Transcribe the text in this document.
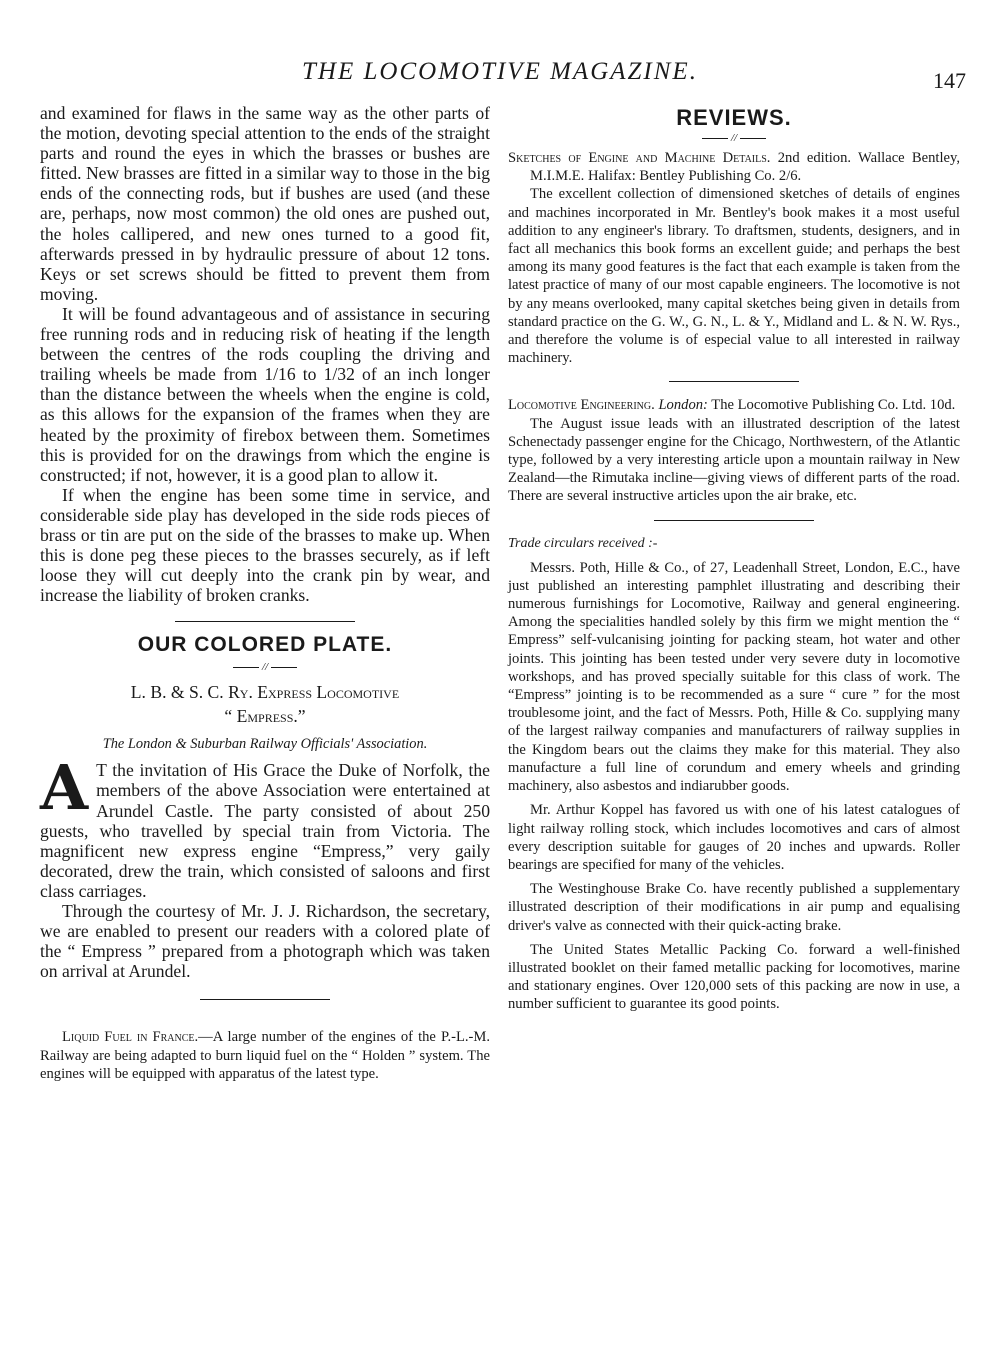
THE LOCOMOTIVE MAGAZINE.	147

and examined for flaws in the same way as the other parts of the motion, devoting special attention to the ends of the straight parts and round the eyes in which the brasses or bushes are fitted. New brasses are fitted in a similar way to those in the big ends of the connecting rods, but if bushes are used (and these are, perhaps, now most common) the old ones are pushed out, the holes callipered, and new ones turned to a good fit, afterwards pressed in by hydraulic pressure of about 12 tons. Keys or set screws should be fitted to prevent them from moving.

It will be found advantageous and of assistance in securing free running rods and in reducing risk of heating if the length between the centres of the rods coupling the driving and trailing wheels be made from 1/16 to 1/32 of an inch longer than the distance between the wheels when the engine is cold, as this allows for the expansion of the frames when they are heated by the proximity of firebox between them. Sometimes this is provided for on the drawings from which the engine is constructed; if not, however, it is a good plan to allow it.

If when the engine has been some time in service, and considerable side play has developed in the side rods pieces of brass or tin are put on the side of the brasses to make up. When this is done peg these pieces to the brasses securely, as if left loose they will cut deeply into the crank pin by wear, and increase the liability of broken cranks.

OUR COLORED PLATE.
//
L. B. & S. C. Ry. Express Locomotive
“ Empress.”
The London & Suburban Railway Officials' Association.

A T the invitation of His Grace the Duke of Norfolk, the members of the above Association were entertained at Arundel Castle. The party consisted of about 250 guests, who travelled by special train from Victoria. The magnificent new express engine “Empress,” very gaily decorated, drew the train, which consisted of saloons and first class carriages.

Through the courtesy of Mr. J. J. Richardson, the secretary, we are enabled to present our readers with a colored plate of the “ Empress ” prepared from a photograph which was taken on arrival at Arundel.

Liquid Fuel in France.—A large number of the engines of the P.-L.-M. Railway are being adapted to burn liquid fuel on the “ Holden ” system. The engines will be equipped with apparatus of the latest type.

REVIEWS.
//

Sketches of Engine and Machine Details. 2nd edition. Wallace Bentley, M.I.M.E. Halifax: Bentley Publishing Co. 2/6.

The excellent collection of dimensioned sketches of details of engines and machines incorporated in Mr. Bentley's book makes it a most useful addition to any engineer's library. To draftsmen, students, designers, and in fact all mechanics this book forms an excellent guide; and perhaps the best among its many good features is the fact that each example is taken from the latest practice of many of our most capable engineers. The locomotive is not by any means overlooked, many capital sketches being given in details from standard practice on the G. W., G. N., L. & Y., Midland and L. & N. W. Rys., and therefore the volume is of especial value to all interested in railway machinery.

Locomotive Engineering. London: The Locomotive Publishing Co. Ltd. 10d.

The August issue leads with an illustrated description of the latest Schenectady passenger engine for the Chicago, Northwestern, of the Atlantic type, followed by a very interesting article upon a mountain railway in New Zealand—the Rimutaka incline—giving views of different parts of the road. There are several instructive articles upon the air brake, etc.

Trade circulars received :-

Messrs. Poth, Hille & Co., of 27, Leadenhall Street, London, E.C., have just published an interesting pamphlet illustrating and describing their numerous furnishings for Locomotive, Railway and general engineering. Among the specialities handled solely by this firm we might mention the “ Empress” self-vulcanising jointing for packing steam, hot water and other joints. This jointing has been tested under very severe duty in locomotive workshops, and has proved specially suitable for this class of work. The “Empress” jointing is to be recommended as a sure “ cure ” for the most troublesome joint, and the fact of Messrs. Poth, Hille & Co. supplying many of the largest railway companies and manufacturers of railway supplies in the Kingdom bears out the claims they make for this material. They also manufacture a full line of corundum and emery wheels and grinding machinery, also asbestos and indiarubber goods.

Mr. Arthur Koppel has favored us with one of his latest catalogues of light railway rolling stock, which includes locomotives and cars of almost every description suitable for gauges of 20 inches and upwards. Roller bearings are specified for many of the vehicles.

The Westinghouse Brake Co. have recently published a supplementary illustrated description of their modifications in air pump and equalising driver's valve as connected with their quick-acting brake.

The United States Metallic Packing Co. forward a well-finished illustrated booklet on their famed metallic packing for locomotives, marine and stationary engines. Over 120,000 sets of this packing are now in use, a number sufficient to guarantee its good points.
